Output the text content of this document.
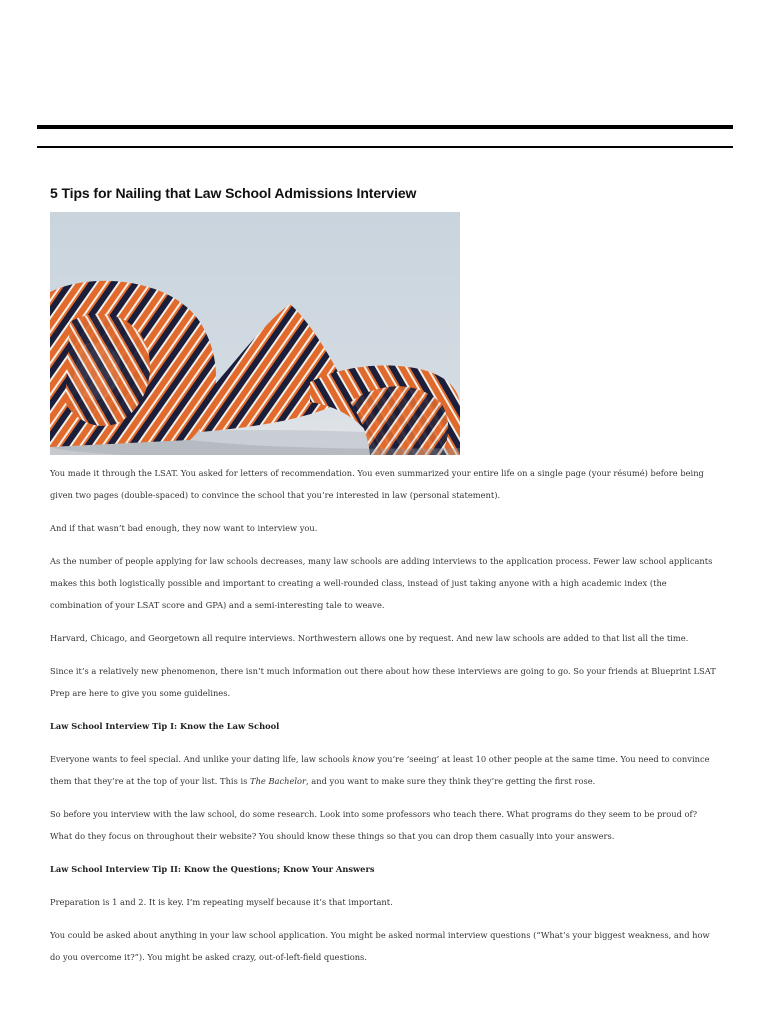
5 Tips for Nailing that Law School Admissions Interview

You made it through the LSAT. You asked for letters of recommendation. You even summarized your entire life on a single page (your résumé) before being given two pages (double-spaced) to convince the school that you’re interested in law (personal statement).

And if that wasn’t bad enough, they now want to interview you.

As the number of people applying for law schools decreases, many law schools are adding interviews to the application process. Fewer law school applicants makes this both logistically possible and important to creating a well-rounded class, instead of just taking anyone with a high academic index (the combination of your LSAT score and GPA) and a semi-interesting tale to weave.

Harvard, Chicago, and Georgetown all require interviews. Northwestern allows one by request. And new law schools are added to that list all the time.

Since it’s a relatively new phenomenon, there isn’t much information out there about how these interviews are going to go. So your friends at Blueprint LSAT Prep are here to give you some guidelines.

Law School Interview Tip I: Know the Law School

Everyone wants to feel special. And unlike your dating life, law schools know you’re ‘seeing’ at least 10 other people at the same time. You need to convince them that they’re at the top of your list. This is The Bachelor, and you want to make sure they think they’re getting the first rose.

So before you interview with the law school, do some research. Look into some professors who teach there. What programs do they seem to be proud of? What do they focus on throughout their website? You should know these things so that you can drop them casually into your answers.

Law School Interview Tip II: Know the Questions; Know Your Answers

Preparation is 1 and 2. It is key. I’m repeating myself because it’s that important.

You could be asked about anything in your law school application. You might be asked normal interview questions (“What’s your biggest weakness, and how do you overcome it?”). You might be asked crazy, out-of-left-field questions.
